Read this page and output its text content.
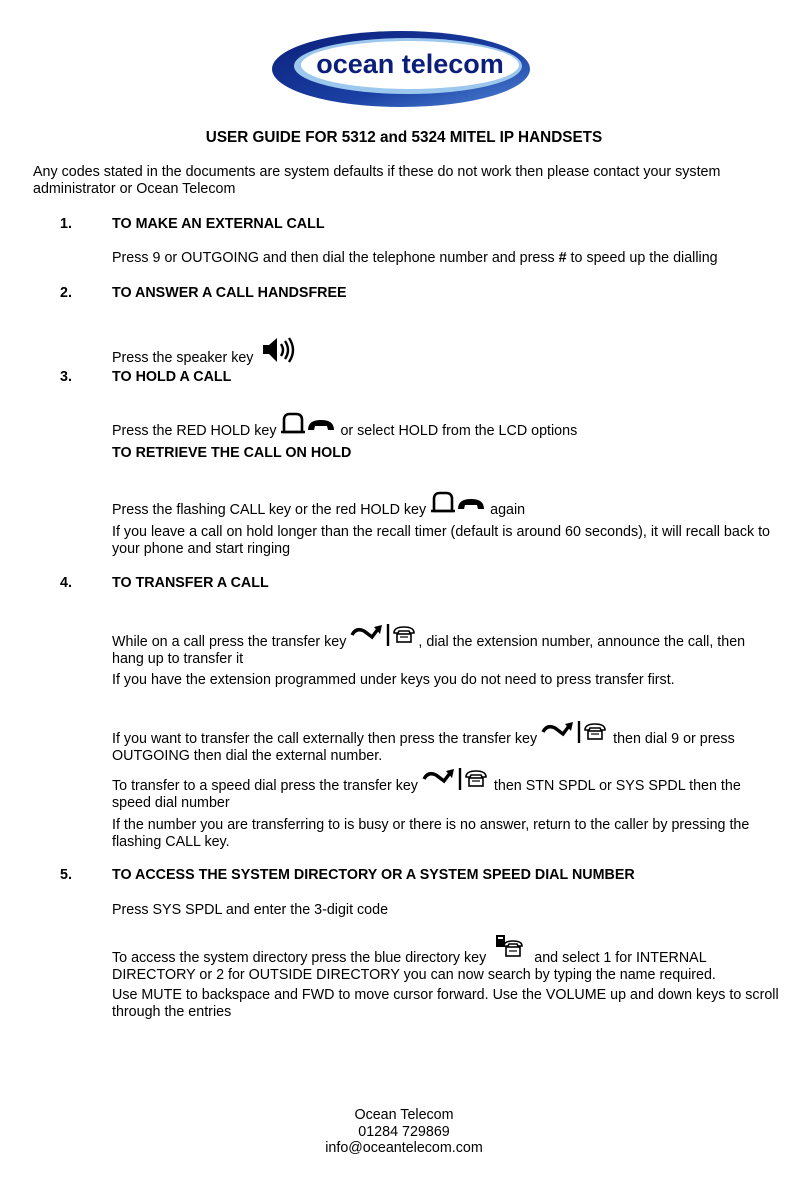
ocean telecom
USER GUIDE FOR 5312 and 5324 MITEL IP HANDSETS

Any codes stated in the documents are system defaults if these do not work then please contact your system administrator or Ocean Telecom

1.	TO MAKE AN EXTERNAL CALL

Press 9 or OUTGOING and then dial the telephone number and press # to speed up the dialling

2.	TO ANSWER A CALL HANDSFREE

Press the speaker key

3.	TO HOLD A CALL

Press the RED HOLD key	or select HOLD from the LCD options

TO RETRIEVE THE CALL ON HOLD

Press the flashing CALL key or the red HOLD key	again

If you leave a call on hold longer than the recall timer (default is around 60 seconds), it will recall back to your phone and start ringing

4.	TO TRANSFER A CALL

While on a call press the transfer key	, dial the extension number, announce the call, then hang up to transfer it

If you have the extension programmed under keys you do not need to press transfer first.

If you want to transfer the call externally then press the transfer key	then dial 9 or press OUTGOING then dial the external number.

To transfer to a speed dial press the transfer key	then STN SPDL or SYS SPDL then the speed dial number

If the number you are transferring to is busy or there is no answer, return to the caller by pressing the flashing CALL key.

5.	TO ACCESS THE SYSTEM DIRECTORY OR A SYSTEM SPEED DIAL NUMBER

Press SYS SPDL and enter the 3-digit code

To access the system directory press the blue directory key	and select 1 for INTERNAL DIRECTORY or 2 for OUTSIDE DIRECTORY you can now search by typing the name required.

Use MUTE to backspace and FWD to move cursor forward. Use the VOLUME up and down keys to scroll through the entries

Ocean Telecom
01284 729869
info@oceantelecom.com
